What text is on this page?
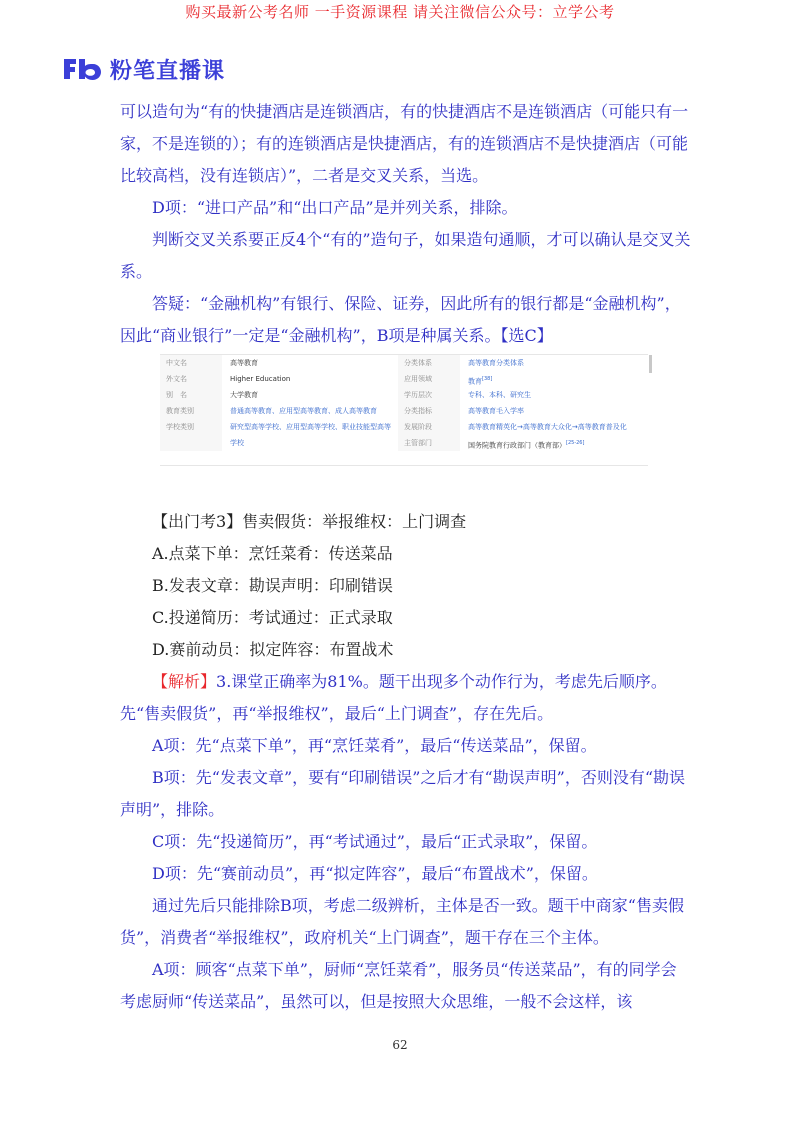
购买最新公考名师 一手资源课程 请关注微信公众号：立学公考
粉笔直播课

可以造句为“有的快捷酒店是连锁酒店，有的快捷酒店不是连锁酒店（可能只有一家，不是连锁的）；有的连锁酒店是快捷酒店，有的连锁酒店不是快捷酒店（可能比较高档，没有连锁店）”，二者是交叉关系，当选。

D项：“进口产品”和“出口产品”是并列关系，排除。

判断交叉关系要正反4个“有的”造句子，如果造句通顺，才可以确认是交叉关系。

答疑：“金融机构”有银行、保险、证券，因此所有的银行都是“金融机构”，因此“商业银行”一定是“金融机构”，B项是种属关系。【选C】

中文名
外文名
别　名
教育类别
学校类别
高等教育
Higher Education
大学教育
普通高等教育、应用型高等教育、成人高等教育
研究型高等学校、应用型高等学校、职业技能型高等
学校
分类体系
应用领域
学历层次
分类指标
发展阶段
主管部门
高等教育分类体系
教育[38]
专科、本科、研究生
高等教育毛入学率
高等教育精英化→高等教育大众化→高等教育普及化
国务院教育行政部门（教育部）[25-26]

【出门考3】售卖假货：举报维权：上门调查

A.点菜下单：烹饪菜肴：传送菜品

B.发表文章：勘误声明：印刷错误

C.投递简历：考试通过：正式录取

D.赛前动员：拟定阵容：布置战术

【解析】3.课堂正确率为81%。题干出现多个动作行为，考虑先后顺序。先“售卖假货”，再“举报维权”，最后“上门调查”，存在先后。

A项：先“点菜下单”，再“烹饪菜肴”，最后“传送菜品”，保留。

B项：先“发表文章”，要有“印刷错误”之后才有“勘误声明”，否则没有“勘误声明”，排除。

C项：先“投递简历”，再“考试通过”，最后“正式录取”，保留。

D项：先“赛前动员”，再“拟定阵容”，最后“布置战术”，保留。

通过先后只能排除B项，考虑二级辨析，主体是否一致。题干中商家“售卖假货”，消费者“举报维权”，政府机关“上门调查”，题干存在三个主体。

A项：顾客“点菜下单”，厨师“烹饪菜肴”，服务员“传送菜品”，有的同学会考虑厨师“传送菜品”，虽然可以，但是按照大众思维，一般不会这样，该

62
